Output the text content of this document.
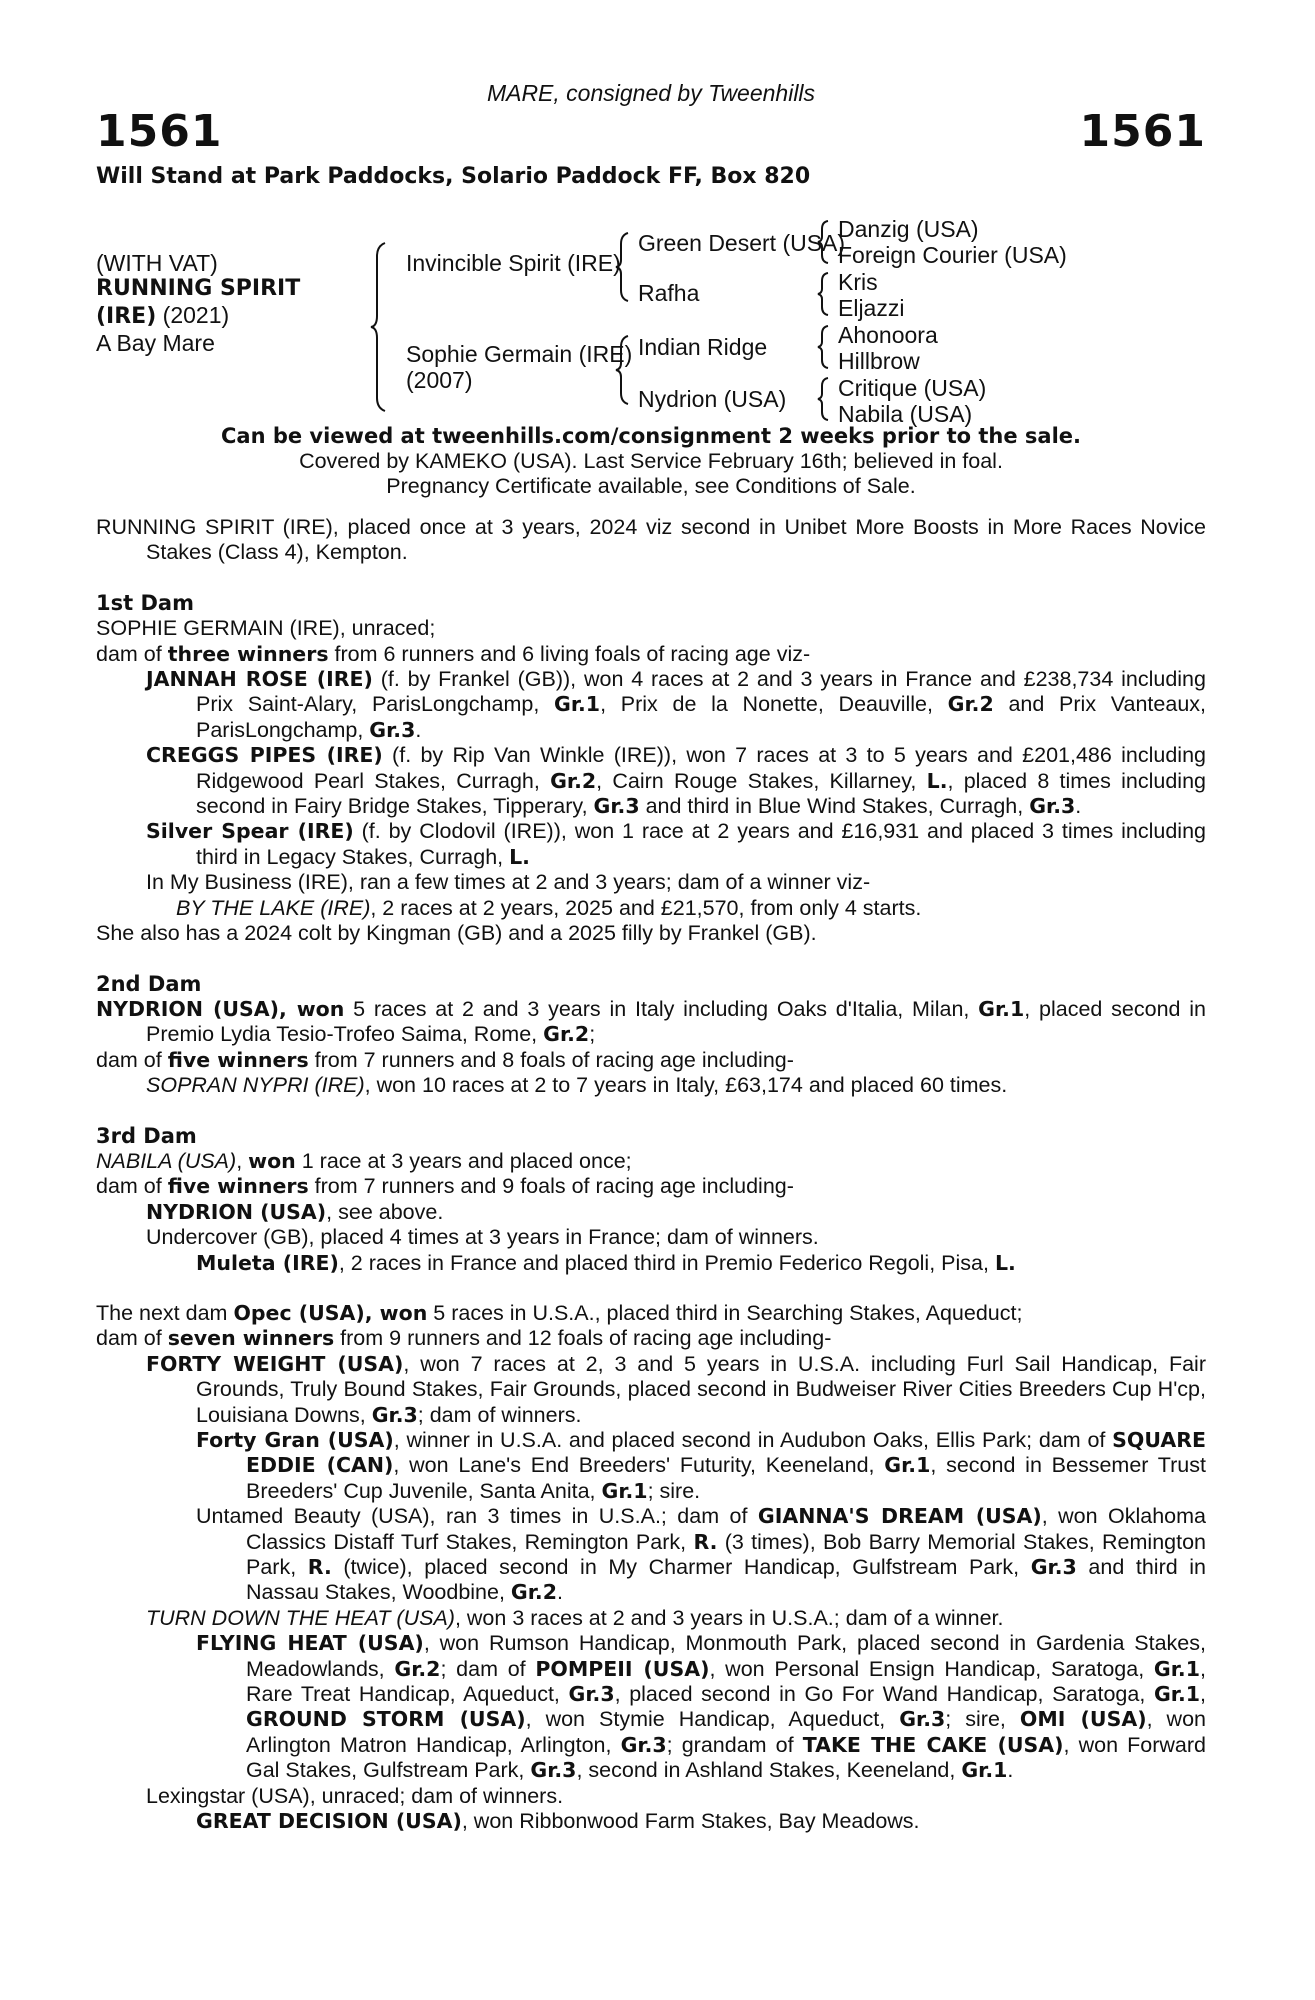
MARE, consigned by Tweenhills
1561	1561
Will Stand at Park Paddocks, Solario Paddock FF, Box 820
(WITH VAT)
RUNNING SPIRIT
(IRE) (2021)
A Bay Mare
Invincible Spirit (IRE)
Sophie Germain (IRE)
(2007)
Green Desert (USA)
Rafha
Indian Ridge
Nydrion (USA)
Danzig (USA)
Foreign Courier (USA)
Kris
Eljazzi
Ahonoora
Hillbrow
Critique (USA)
Nabila (USA)
Can be viewed at tweenhills.com/consignment 2 weeks prior to the sale.
Covered by KAMEKO (USA). Last Service February 16th; believed in foal.
Pregnancy Certificate available, see Conditions of Sale.

RUNNING SPIRIT (IRE), placed once at 3 years, 2024 viz second in Unibet More Boosts in More Races Novice Stakes (Class 4), Kempton.

1st Dam

SOPHIE GERMAIN (IRE), unraced;

dam of three winners from 6 runners and 6 living foals of racing age viz-

JANNAH ROSE (IRE) (f. by Frankel (GB)), won 4 races at 2 and 3 years in France and £238,734 including Prix Saint-Alary, ParisLongchamp, Gr.1, Prix de la Nonette, Deauville, Gr.2 and Prix Vanteaux, ParisLongchamp, Gr.3.

CREGGS PIPES (IRE) (f. by Rip Van Winkle (IRE)), won 7 races at 3 to 5 years and £201,486 including Ridgewood Pearl Stakes, Curragh, Gr.2, Cairn Rouge Stakes, Killarney, L., placed 8 times including second in Fairy Bridge Stakes, Tipperary, Gr.3 and third in Blue Wind Stakes, Curragh, Gr.3.

Silver Spear (IRE) (f. by Clodovil (IRE)), won 1 race at 2 years and £16,931 and placed 3 times including third in Legacy Stakes, Curragh, L.

In My Business (IRE), ran a few times at 2 and 3 years; dam of a winner viz-

BY THE LAKE (IRE), 2 races at 2 years, 2025 and £21,570, from only 4 starts.

She also has a 2024 colt by Kingman (GB) and a 2025 filly by Frankel (GB).

2nd Dam

NYDRION (USA), won 5 races at 2 and 3 years in Italy including Oaks d'Italia, Milan, Gr.1, placed second in Premio Lydia Tesio-Trofeo Saima, Rome, Gr.2;

dam of five winners from 7 runners and 8 foals of racing age including-

SOPRAN NYPRI (IRE), won 10 races at 2 to 7 years in Italy, £63,174 and placed 60 times.

3rd Dam

NABILA (USA), won 1 race at 3 years and placed once;

dam of five winners from 7 runners and 9 foals of racing age including-

NYDRION (USA), see above.

Undercover (GB), placed 4 times at 3 years in France; dam of winners.

Muleta (IRE), 2 races in France and placed third in Premio Federico Regoli, Pisa, L.

The next dam Opec (USA), won 5 races in U.S.A., placed third in Searching Stakes, Aqueduct;

dam of seven winners from 9 runners and 12 foals of racing age including-

FORTY WEIGHT (USA), won 7 races at 2, 3 and 5 years in U.S.A. including Furl Sail Handicap, Fair Grounds, Truly Bound Stakes, Fair Grounds, placed second in Budweiser River Cities Breeders Cup H'cp, Louisiana Downs, Gr.3; dam of winners.

Forty Gran (USA), winner in U.S.A. and placed second in Audubon Oaks, Ellis Park; dam of SQUARE EDDIE (CAN), won Lane's End Breeders' Futurity, Keeneland, Gr.1, second in Bessemer Trust Breeders' Cup Juvenile, Santa Anita, Gr.1; sire.

Untamed Beauty (USA), ran 3 times in U.S.A.; dam of GIANNA'S DREAM (USA), won Oklahoma Classics Distaff Turf Stakes, Remington Park, R. (3 times), Bob Barry Memorial Stakes, Remington Park, R. (twice), placed second in My Charmer Handicap, Gulfstream Park, Gr.3 and third in Nassau Stakes, Woodbine, Gr.2.

TURN DOWN THE HEAT (USA), won 3 races at 2 and 3 years in U.S.A.; dam of a winner.

FLYING HEAT (USA), won Rumson Handicap, Monmouth Park, placed second in Gardenia Stakes, Meadowlands, Gr.2; dam of POMPEII (USA), won Personal Ensign Handicap, Saratoga, Gr.1, Rare Treat Handicap, Aqueduct, Gr.3, placed second in Go For Wand Handicap, Saratoga, Gr.1, GROUND STORM (USA), won Stymie Handicap, Aqueduct, Gr.3; sire, OMI (USA), won Arlington Matron Handicap, Arlington, Gr.3; grandam of TAKE THE CAKE (USA), won Forward Gal Stakes, Gulfstream Park, Gr.3, second in Ashland Stakes, Keeneland, Gr.1.

Lexingstar (USA), unraced; dam of winners.

GREAT DECISION (USA), won Ribbonwood Farm Stakes, Bay Meadows.
